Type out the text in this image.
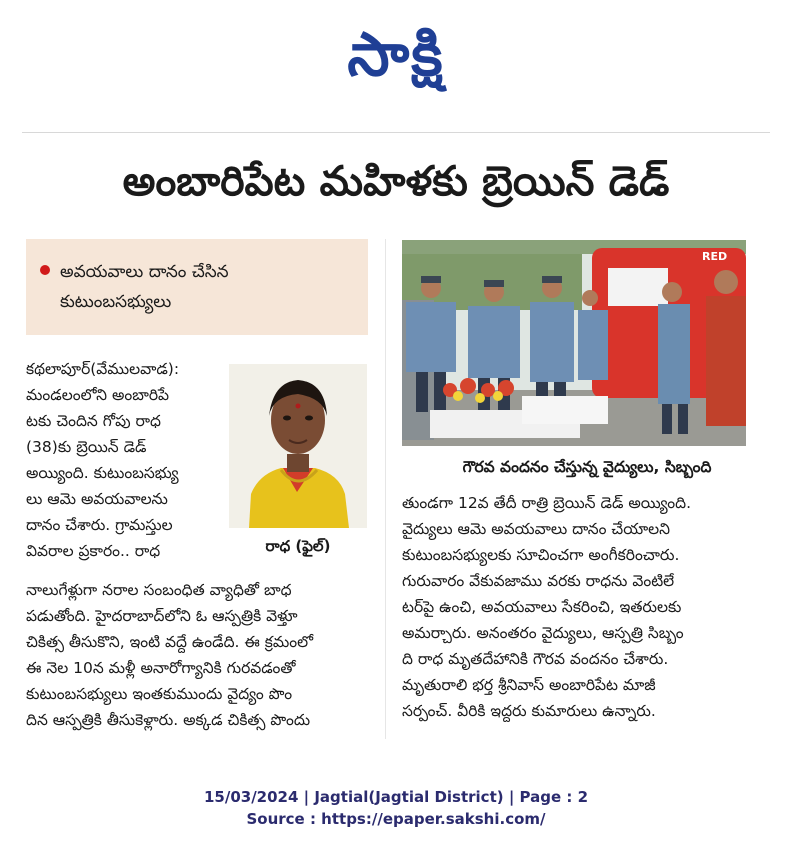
సాక్షి
అంబారిపేట మహిళకు బ్రెయిన్ డెడ్
అవయవాలు దానం చేసిన
కుటుంబసభ్యులు

కథలాపూర్(వేములవాడ):

మండలంలోని అంబారిపే

టకు చెందిన గోపు రాధ

(38)కు బ్రెయిన్ డెడ్

అయ్యింది. కుటుంబసభ్యు

లు ఆమె అవయవాలను

దానం చేశారు. గ్రామస్తుల

వివరాల ప్రకారం.. రాధ	రాధ (ఫైల్)

నాలుగేళ్లుగా నరాల సంబంధిత వ్యాధితో బాధ

పడుతోంది. హైదరాబాద్‌లోని ఓ ఆస్పత్రికి వెళ్తూ

చికిత్స తీసుకొని, ఇంటి వద్దే ఉండేది. ఈ క్రమంలో

ఈ నెల 10న మళ్లీ అనారోగ్యానికి గురవడంతో

కుటుంబసభ్యులు ఇంతకుముందు వైద్యం పొం

దిన ఆస్పత్రికి తీసుకెళ్లారు. అక్కడ చికిత్స పొందు

RED
గౌరవ వందనం చేస్తున్న వైద్యులు, సిబ్బంది

తుండగా 12వ తేదీ రాత్రి బ్రెయిన్ డెడ్ అయ్యింది.

వైద్యులు ఆమె అవయవాలు దానం చేయాలని

కుటుంబసభ్యులకు సూచించగా అంగీకరించారు.

గురువారం వేకువజాము వరకు రాధను వెంటిలే

టర్‌పై ఉంచి, అవయవాలు సేకరించి, ఇతరులకు

అమర్చారు. అనంతరం వైద్యులు, ఆస్పత్రి సిబ్బం

ది రాధ మృతదేహానికి గౌరవ వందనం చేశారు.

మృతురాలి భర్త శ్రీనివాస్ అంబారిపేట మాజీ

సర్పంచ్. వీరికి ఇద్దరు కుమారులు ఉన్నారు.

15/03/2024 | Jagtial(Jagtial District) | Page : 2
Source : https://epaper.sakshi.com/
